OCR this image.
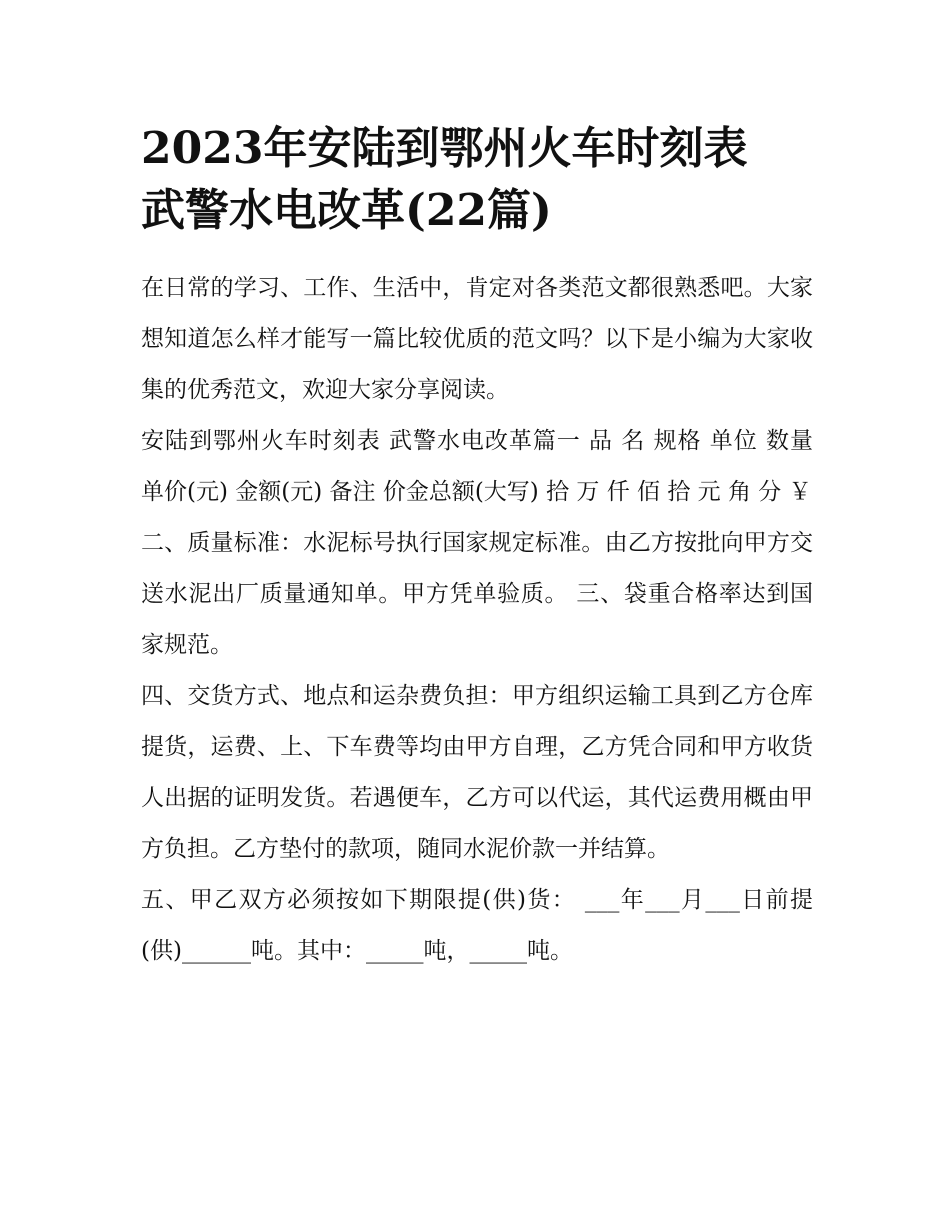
2023年安陆到鄂州火车时刻表
武警水电改革(22篇)

在日常的学习、工作、生活中，肯定对各类范文都很熟悉吧。大家想知道怎么样才能写一篇比较优质的范文吗？以下是小编为大家收集的优秀范文，欢迎大家分享阅读。

安陆到鄂州火车时刻表 武警水电改革篇一 品 名 规格 单位 数量 单价(元) 金额(元) 备注 价金总额(大写) 拾 万 仟 佰 拾 元 角 分 ￥

二、质量标准：水泥标号执行国家规定标准。由乙方按批向甲方交送水泥出厂质量通知单。甲方凭单验质。 三、袋重合格率达到国家规范。

四、交货方式、地点和运杂费负担：甲方组织运输工具到乙方仓库提货，运费、上、下车费等均由甲方自理，乙方凭合同和甲方收货人出据的证明发货。若遇便车，乙方可以代运，其代运费用概由甲方负担。乙方垫付的款项，随同水泥价款一并结算。

五、甲乙双方必须按如下期限提(供)货： ___年___月___日前提(供)______吨。其中：_____吨，_____吨。
